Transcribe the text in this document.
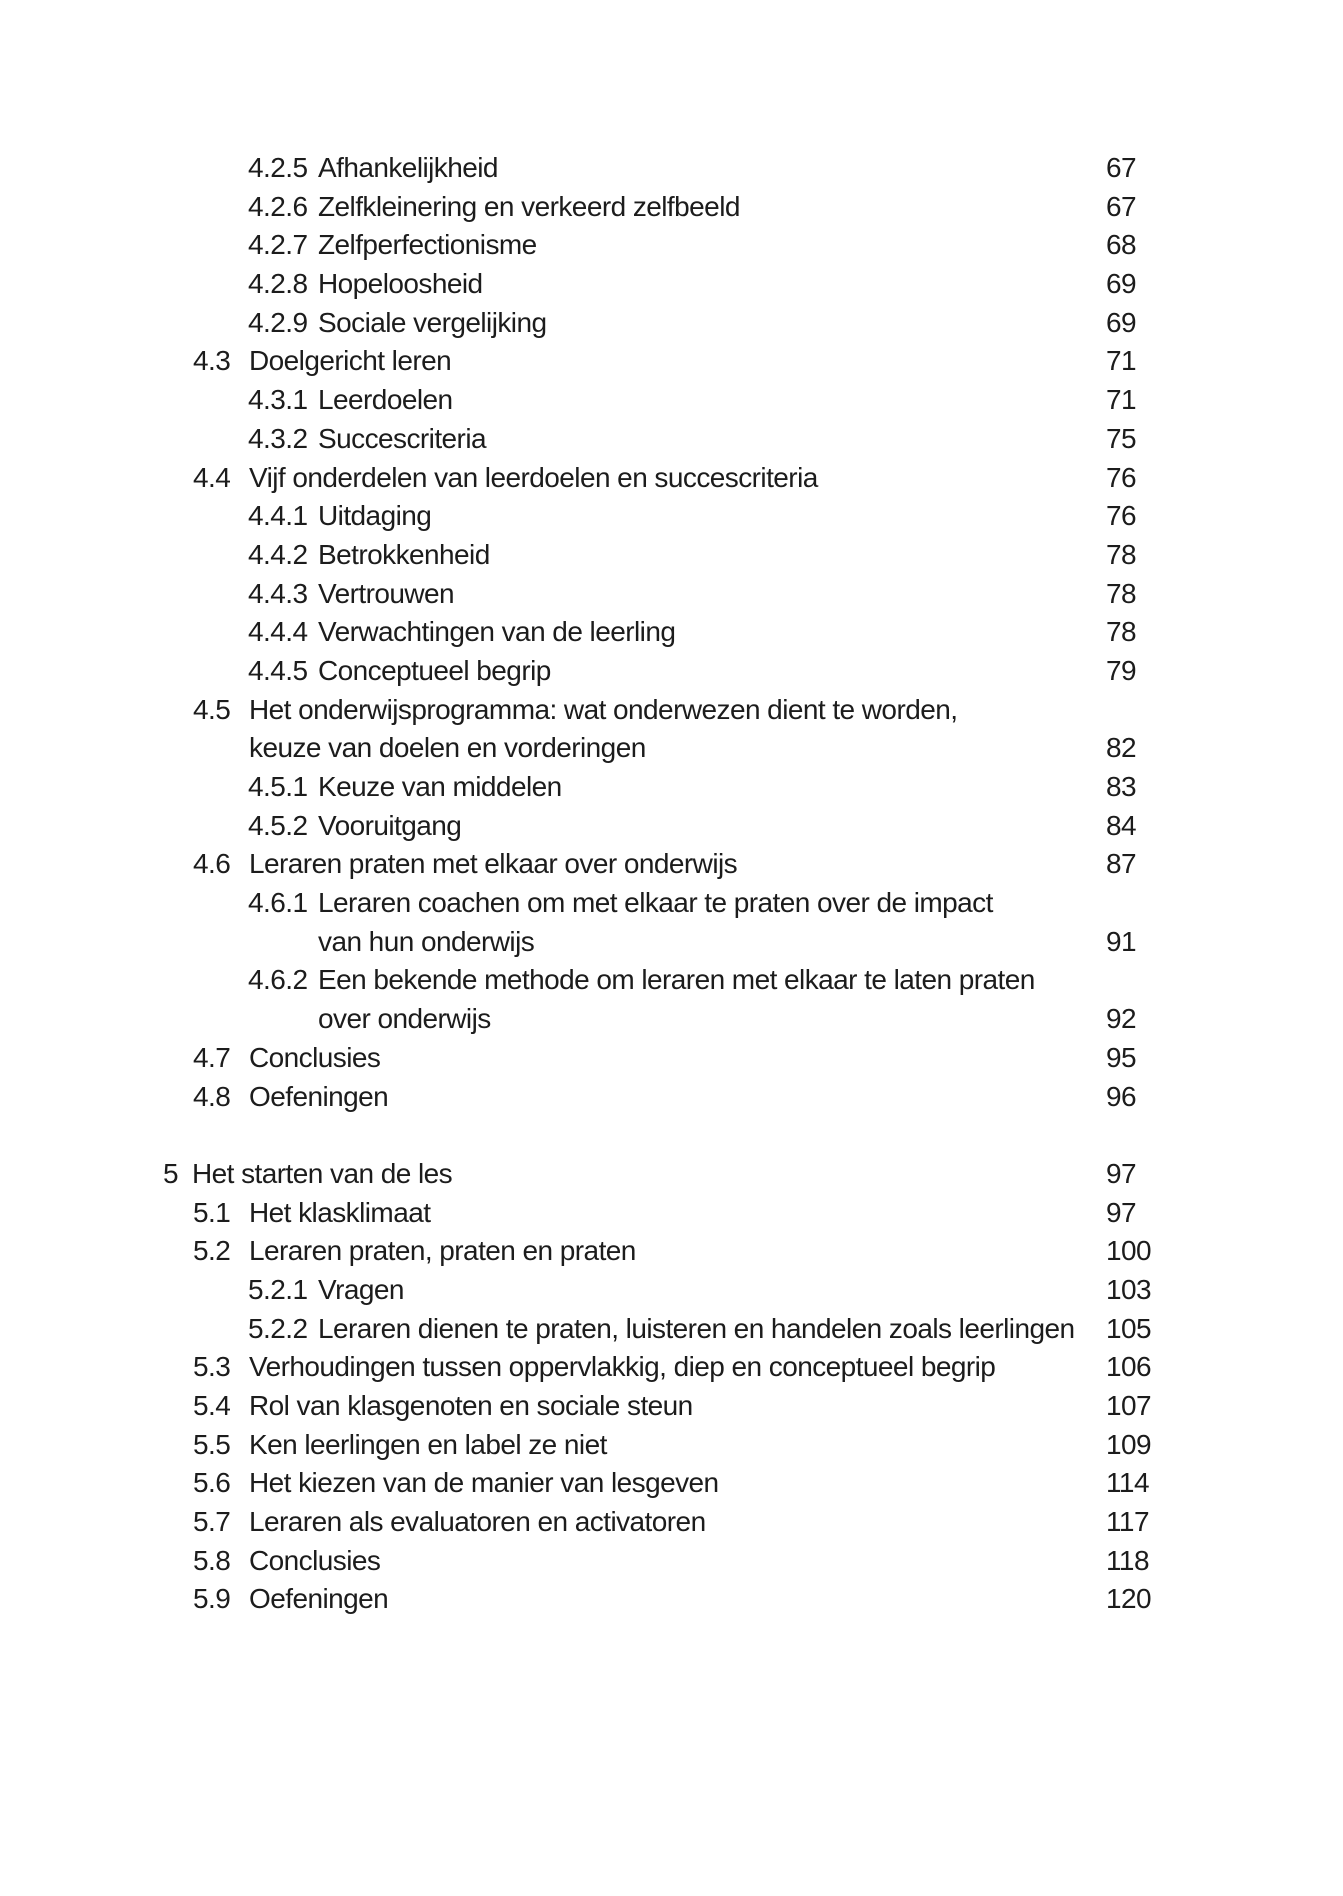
4.2.5 Afhankelijkheid	67
4.2.6 Zelfkleinering en verkeerd zelfbeeld	67
4.2.7 Zelfperfectionisme	68
4.2.8 Hopeloosheid	69
4.2.9 Sociale vergelijking	69
4.3 Doelgericht leren	71
4.3.1 Leerdoelen	71
4.3.2 Succescriteria	75
4.4 Vijf onderdelen van leerdoelen en succescriteria	76
4.4.1 Uitdaging	76
4.4.2 Betrokkenheid	78
4.4.3 Vertrouwen	78
4.4.4 Verwachtingen van de leerling	78
4.4.5 Conceptueel begrip	79
4.5 Het onderwijsprogramma: wat onderwezen dient te worden,
keuze van doelen en vorderingen	82
4.5.1 Keuze van middelen	83
4.5.2 Vooruitgang	84
4.6 Leraren praten met elkaar over onderwijs	87
4.6.1 Leraren coachen om met elkaar te praten over de impact
van hun onderwijs	91
4.6.2 Een bekende methode om leraren met elkaar te laten praten
over onderwijs	92
4.7 Conclusies	95
4.8 Oefeningen	96
5 Het starten van de les	97
5.1 Het klasklimaat	97
5.2 Leraren praten, praten en praten	100
5.2.1 Vragen	103
5.2.2 Leraren dienen te praten, luisteren en handelen zoals leerlingen 105
5.3 Verhoudingen tussen oppervlakkig, diep en conceptueel begrip	106
5.4 Rol van klasgenoten en sociale steun	107
5.5 Ken leerlingen en label ze niet	109
5.6 Het kiezen van de manier van lesgeven	114
5.7 Leraren als evaluatoren en activatoren	117
5.8 Conclusies	118
5.9 Oefeningen	120
